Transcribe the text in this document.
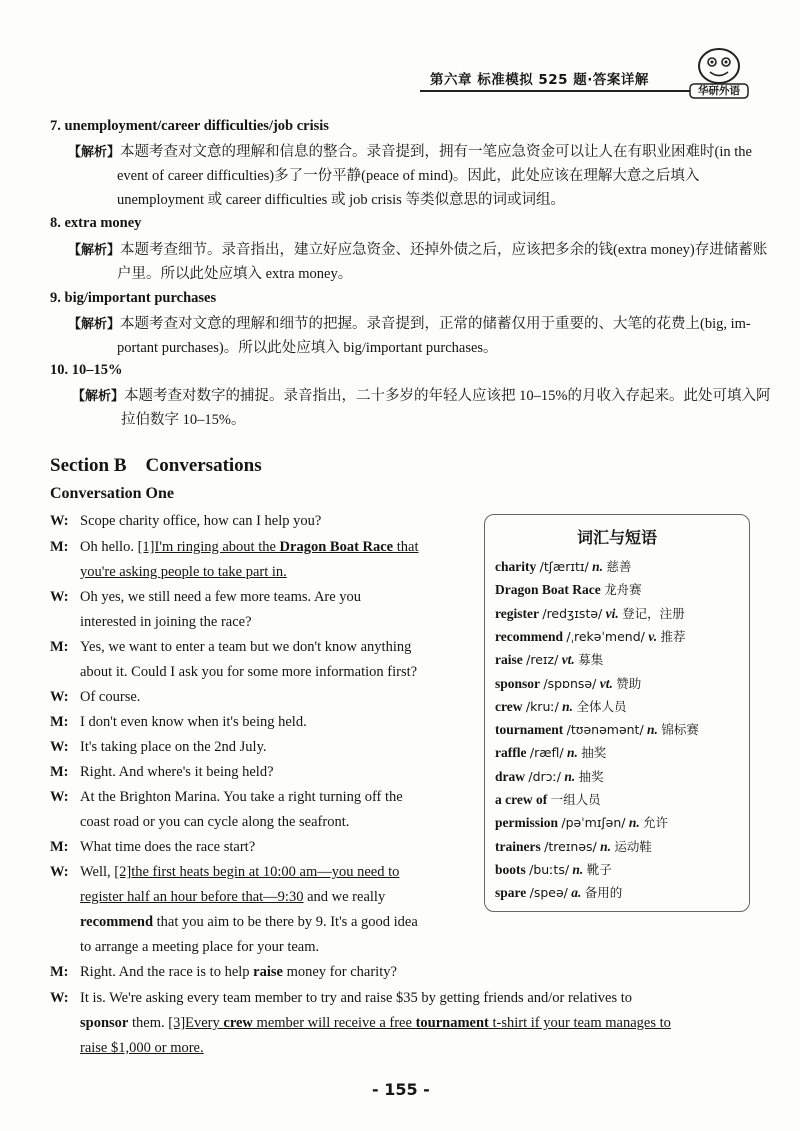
第六章 标准模拟 525 题·答案详解
华研外语
7. unemployment/career difficulties/job crisis
【解析】本题考查对文意的理解和信息的整合。录音提到，拥有一笔应急资金可以让人在有职业困难时(in the
event of career difficulties)多了一份平静(peace of mind)。因此，此处应该在理解大意之后填入
unemployment 或 career difficulties 或 job crisis 等类似意思的词或词组。
8. extra money
【解析】本题考查细节。录音指出，建立好应急资金、还掉外债之后，应该把多余的钱(extra money)存进储蓄账
户里。所以此处应填入 extra money。
9. big/important purchases
【解析】本题考查对文意的理解和细节的把握。录音提到，正常的储蓄仅用于重要的、大笔的花费上(big, im-
portant purchases)。所以此处应填入 big/important purchases。
10. 10–15%
【解析】本题考查对数字的捕捉。录音指出，二十多岁的年轻人应该把 10–15%的月收入存起来。此处可填入阿
拉伯数字 10–15%。
Section B    Conversations
Conversation One
W: Scope charity office, how can I help you?
M: Oh hello. [1]I'm ringing about the Dragon Boat Race that
you're asking people to take part in.
W: Oh yes, we still need a few more teams. Are you
interested in joining the race?
M: Yes, we want to enter a team but we don't know anything
about it. Could I ask you for some more information first?
W: Of course.
M: I don't even know when it's being held.
W: It's taking place on the 2nd July.
M: Right. And where's it being held?
W: At the Brighton Marina. You take a right turning off the
coast road or you can cycle along the seafront.
M: What time does the race start?
W: Well, [2]the first heats begin at 10:00 am—you need to
register half an hour before that—9:30 and we really
recommend that you aim to be there by 9. It's a good idea
to arrange a meeting place for your team.
M: Right. And the race is to help raise money for charity?
W: It is. We're asking every team member to try and raise $35 by getting friends and/or relatives to
sponsor them. [3]Every crew member will receive a free tournament t-shirt if your team manages to
raise $1,000 or more.
词汇与短语
charity /tʃærɪtɪ/ n. 慈善
Dragon Boat Race 龙舟赛
register /redʒɪstə/ vi. 登记，注册
recommend /ˌrekəˈmend/ v. 推荐
raise /reɪz/ vt. 募集
sponsor /spɒnsə/ vt. 赞助
crew /kruː/ n. 全体人员
tournament /tʊənəmənt/ n. 锦标赛
raffle /ræfl/ n. 抽奖
draw /drɔː/ n. 抽奖
a crew of 一组人员
permission /pəˈmɪʃən/ n. 允许
trainers /treɪnəs/ n. 运动鞋
boots /buːts/ n. 靴子
spare /speə/ a. 备用的
- 155 -
